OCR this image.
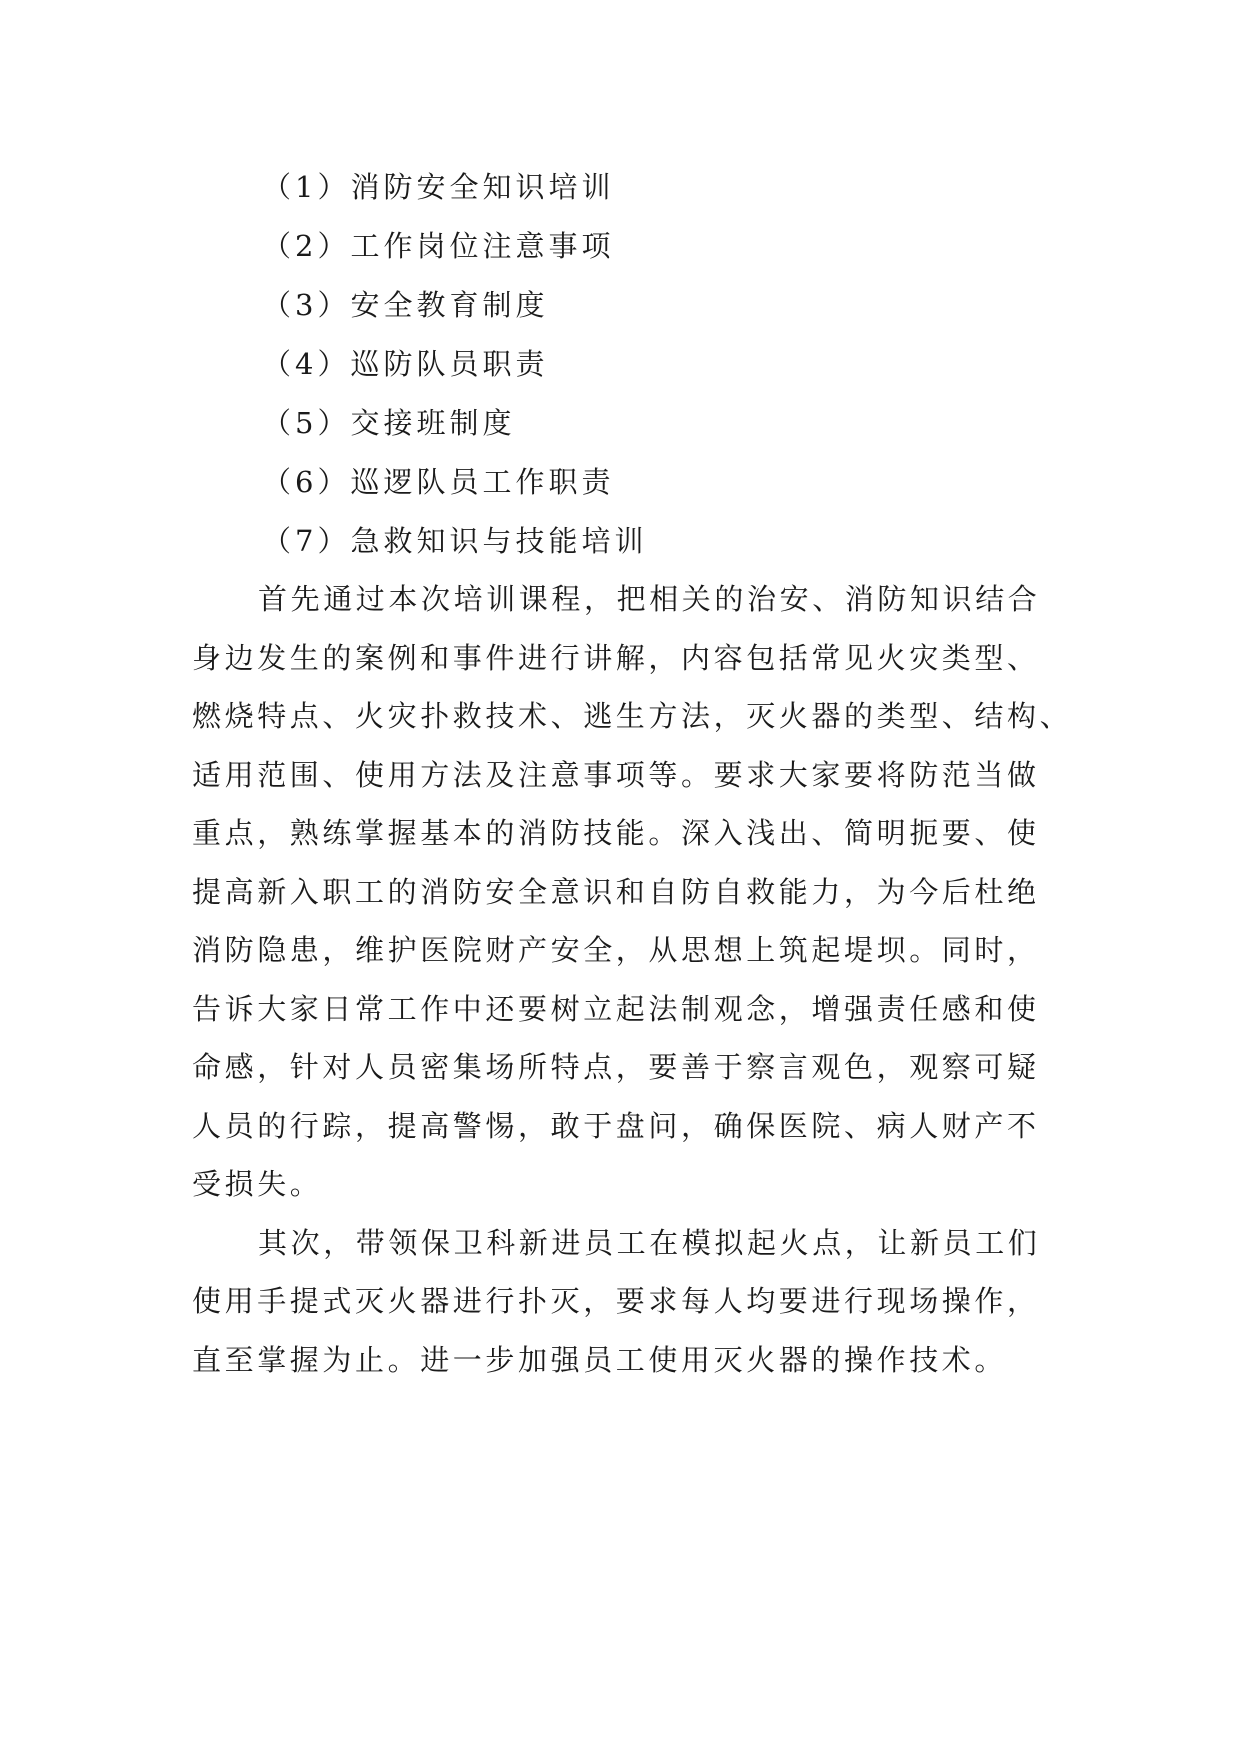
（1）消防安全知识培训
（2）工作岗位注意事项
（3）安全教育制度
（4）巡防队员职责
（5）交接班制度
（6）巡逻队员工作职责
（7）急救知识与技能培训
首先通过本次培训课程，把相关的治安、消防知识结合
身边发生的案例和事件进行讲解，内容包括常见火灾类型、
燃烧特点、火灾扑救技术、逃生方法，灭火器的类型、结构、
适用范围、使用方法及注意事项等。要求大家要将防范当做
重点，熟练掌握基本的消防技能。深入浅出、简明扼要、使
提高新入职工的消防安全意识和自防自救能力，为今后杜绝
消防隐患，维护医院财产安全，从思想上筑起堤坝。同时，
告诉大家日常工作中还要树立起法制观念，增强责任感和使
命感，针对人员密集场所特点，要善于察言观色，观察可疑
人员的行踪，提高警惕，敢于盘问，确保医院、病人财产不
受损失。
其次，带领保卫科新进员工在模拟起火点，让新员工们
使用手提式灭火器进行扑灭，要求每人均要进行现场操作，
直至掌握为止。进一步加强员工使用灭火器的操作技术。
